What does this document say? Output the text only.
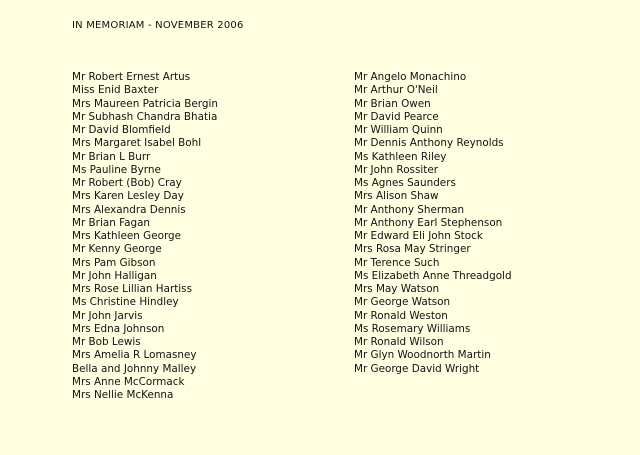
IN MEMORIAM - NOVEMBER 2006
Mr Robert Ernest Artus
Miss Enid Baxter
Mrs Maureen Patricia Bergin
Mr Subhash Chandra Bhatia
Mr David Blomfield
Mrs Margaret Isabel Bohl
Mr Brian L Burr
Ms Pauline Byrne
Mr Robert (Bob) Cray
Mrs Karen Lesley Day
Mrs Alexandra Dennis
Mr Brian Fagan
Mrs Kathleen George
Mr Kenny George
Mrs Pam Gibson
Mr John Halligan
Mrs Rose Lillian Hartiss
Ms Christine Hindley
Mr John Jarvis
Mrs Edna Johnson
Mr Bob Lewis
Mrs Amelia R Lomasney
Bella and Johnny Malley
Mrs Anne McCormack
Mrs Nellie McKenna
Mr Angelo Monachino
Mr Arthur O'Neil
Mr Brian Owen
Mr David Pearce
Mr William Quinn
Mr Dennis Anthony Reynolds
Ms Kathleen Riley
Mr John Rossiter
Ms Agnes Saunders
Mrs Alison Shaw
Mr Anthony Sherman
Mr Anthony Earl Stephenson
Mr Edward Eli John Stock
Mrs Rosa May Stringer
Mr Terence Such
Ms Elizabeth Anne Threadgold
Mrs May Watson
Mr George Watson
Mr Ronald Weston
Ms Rosemary Williams
Mr Ronald Wilson
Mr Glyn Woodnorth Martin
Mr George David Wright
